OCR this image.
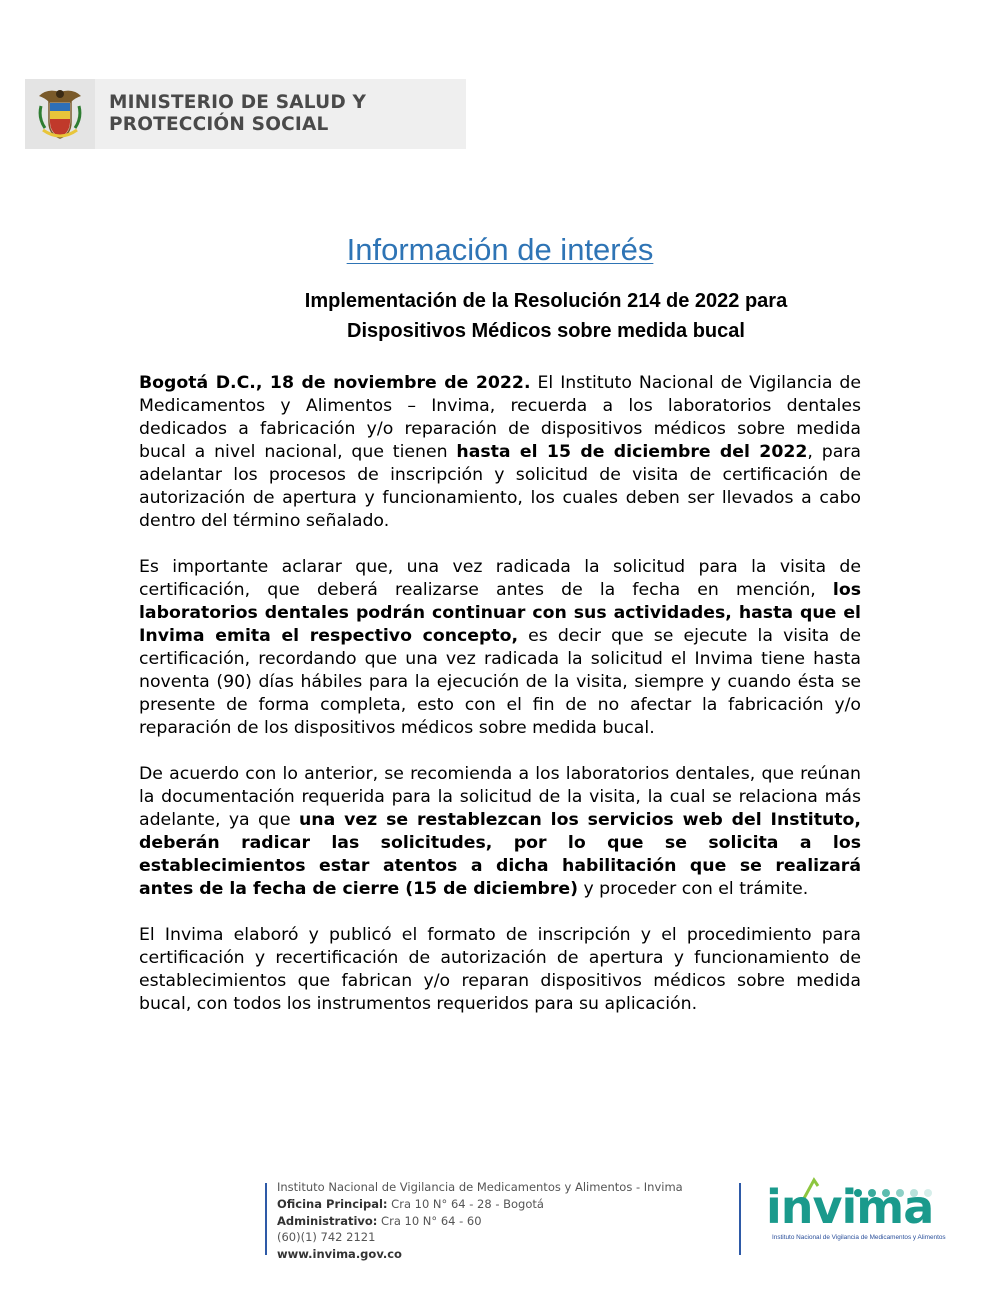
MINISTERIO DE SALUD Y
PROTECCIÓN SOCIAL
Información de interés
Implementación de la Resolución 214 de 2022 para
Dispositivos Médicos sobre medida bucal

Bogotá D.C., 18 de noviembre de 2022. El Instituto Nacional de Vigilancia de Medicamentos y Alimentos – Invima, recuerda a los laboratorios dentales dedicados a fabricación y/o reparación de dispositivos médicos sobre medida bucal a nivel nacional, que tienen hasta el 15 de diciembre del 2022, para adelantar los procesos de inscripción y solicitud de visita de certificación de autorización de apertura y funcionamiento, los cuales deben ser llevados a cabo dentro del término señalado.

Es importante aclarar que, una vez radicada la solicitud para la visita de certificación, que deberá realizarse antes de la fecha en mención, los laboratorios dentales podrán continuar con sus actividades, hasta que el Invima emita el respectivo concepto, es decir que se ejecute la visita de certificación, recordando que una vez radicada la solicitud el Invima tiene hasta noventa (90) días hábiles para la ejecución de la visita, siempre y cuando ésta se presente de forma completa, esto con el fin de no afectar la fabricación y/o reparación de los dispositivos médicos sobre medida bucal.

De acuerdo con lo anterior, se recomienda a los laboratorios dentales, que reúnan la documentación requerida para la solicitud de la visita, la cual se relaciona más adelante, ya que una vez se restablezcan los servicios web del Instituto, deberán radicar las solicitudes, por lo que se solicita a los establecimientos estar atentos a dicha habilitación que se realizará antes de la fecha de cierre (15 de diciembre) y proceder con el trámite.

El Invima elaboró y publicó el formato de inscripción y el procedimiento para certificación y recertificación de autorización de apertura y funcionamiento de establecimientos que fabrican y/o reparan dispositivos médicos sobre medida bucal, con todos los instrumentos requeridos para su aplicación.

Instituto Nacional de Vigilancia de Medicamentos y Alimentos - Invima
Oficina Principal: Cra 10 N° 64 - 28 - Bogotá
Administrativo: Cra 10 N° 64 - 60
(60)(1) 742 2121
www.invima.gov.co
invima
Instituto Nacional de Vigilancia de Medicamentos y Alimentos
